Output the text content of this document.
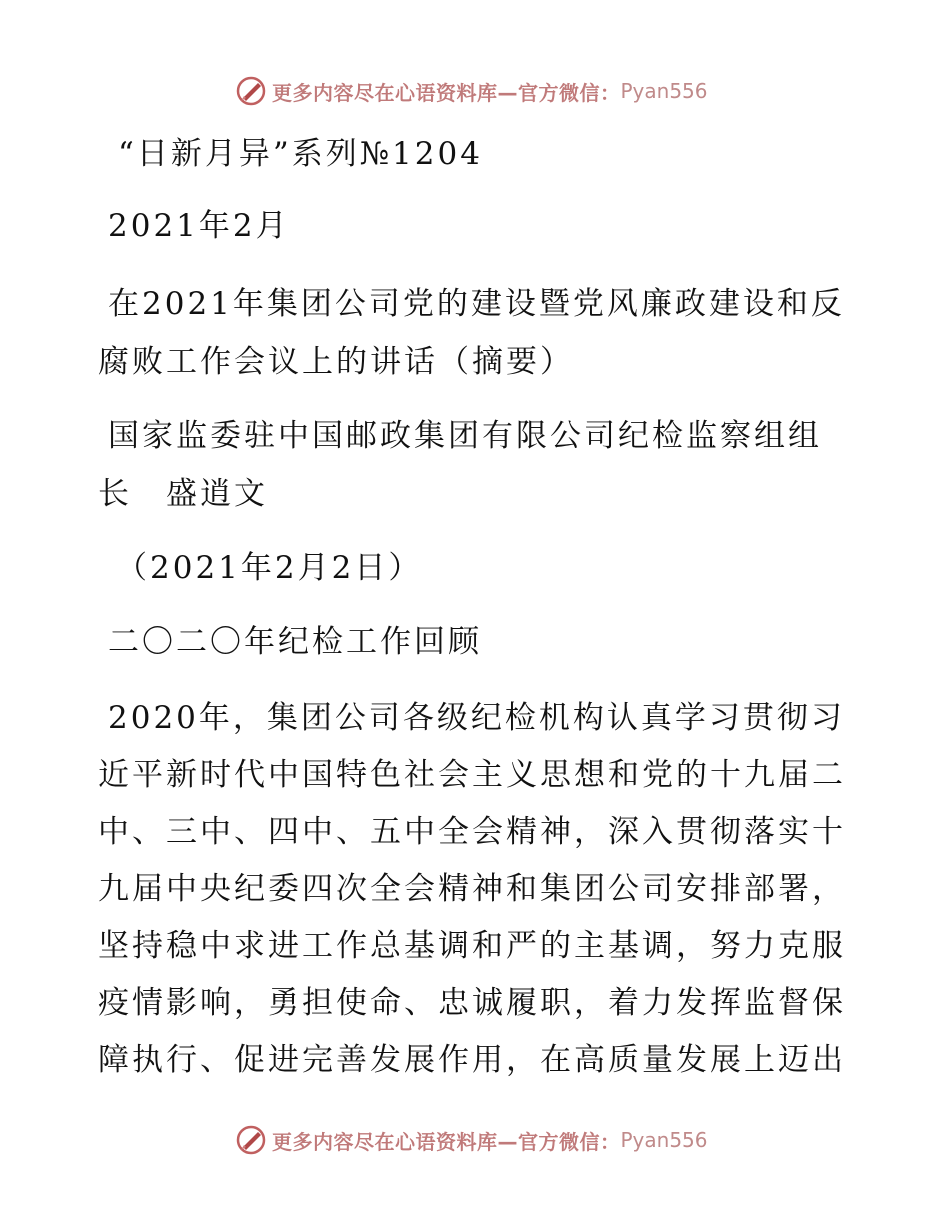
更多内容尽在心语资料库—官方微信： Pyan556
“日新月异”系列№1204
2021年2月
在2021年集团公司党的建设暨党风廉政建设和反
腐败工作会议上的讲话（摘要）
国家监委驻中国邮政集团有限公司纪检监察组组
长　盛逍文
（2021年2月2日）
二〇二〇年纪检工作回顾
2020年，集团公司各级纪检机构认真学习贯彻习
近平新时代中国特色社会主义思想和党的十九届二
中、三中、四中、五中全会精神，深入贯彻落实十
九届中央纪委四次全会精神和集团公司安排部署，
坚持稳中求进工作总基调和严的主基调，努力克服
疫情影响，勇担使命、忠诚履职，着力发挥监督保
障执行、促进完善发展作用，在高质量发展上迈出
更多内容尽在心语资料库—官方微信： Pyan556
